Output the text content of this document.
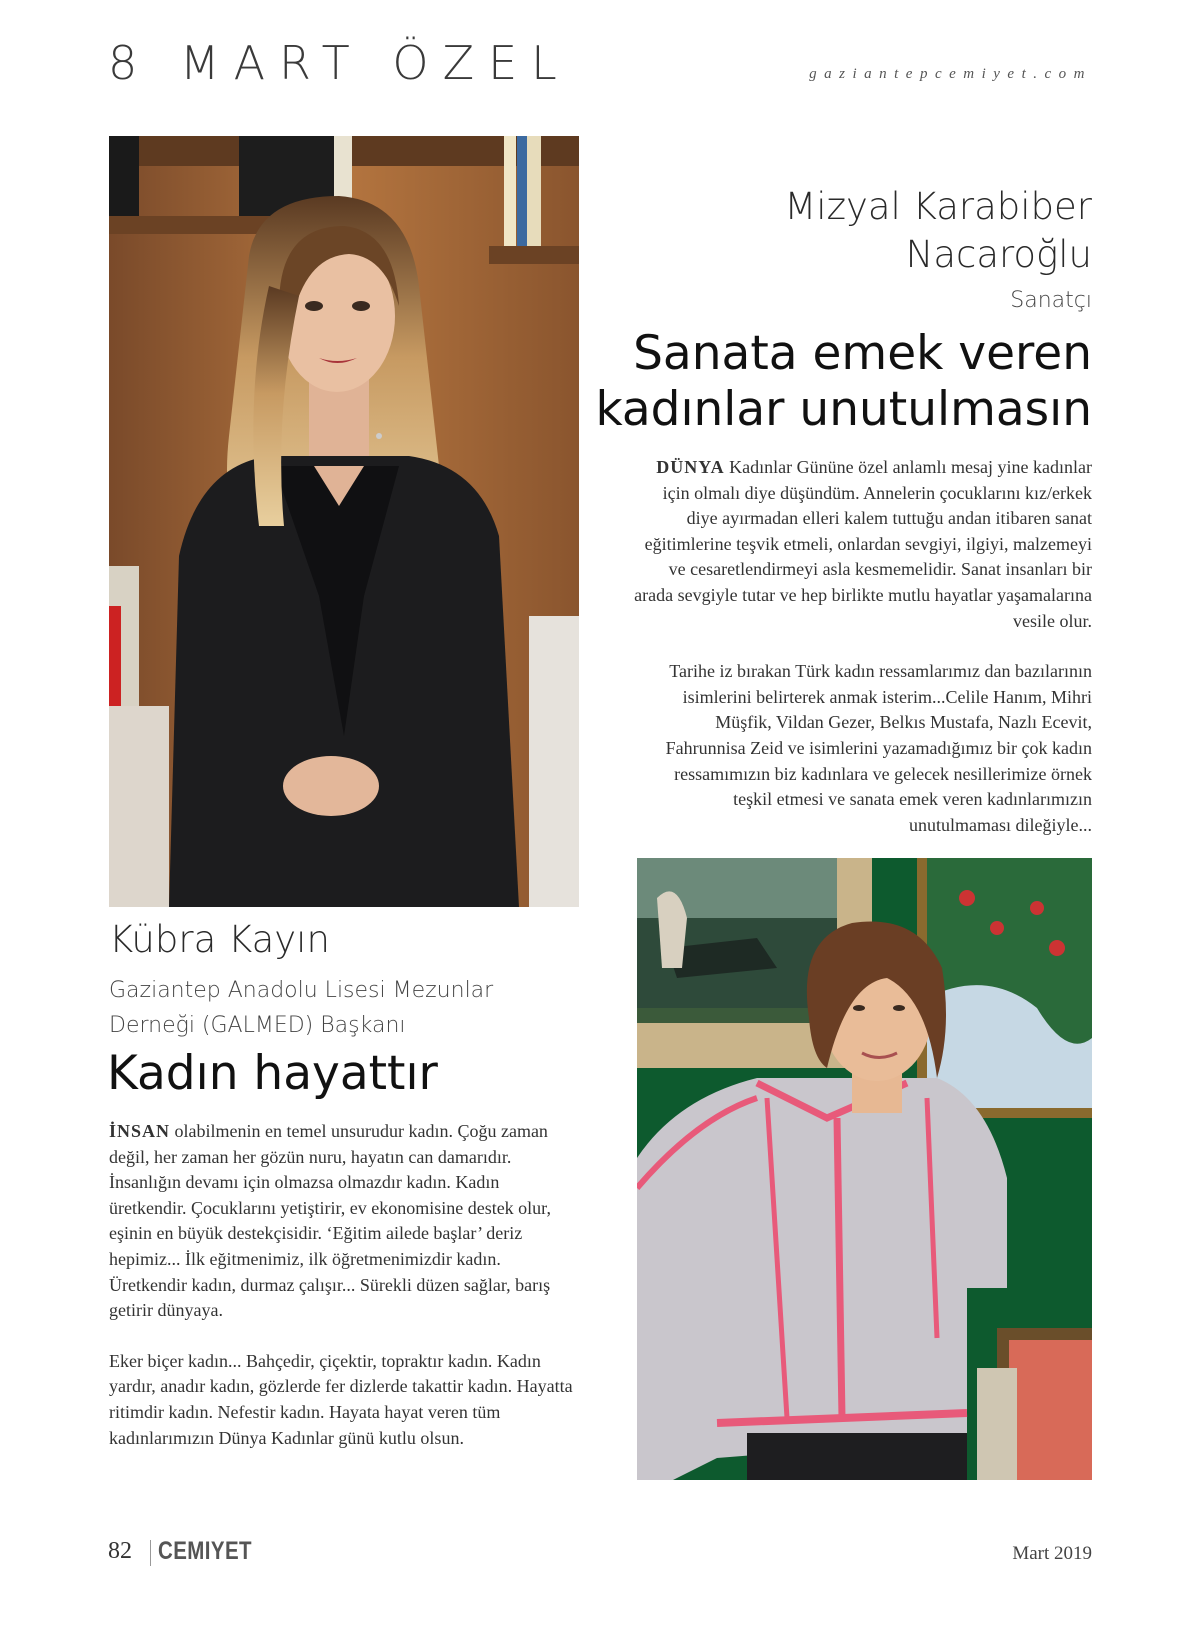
8 MART ÖZEL	gaziantepcemiyet.com
Mizyal Karabiber
Nacaroğlu
Sanatçı
Sanata emek veren
kadınlar unutulmasın

DÜNYA Kadınlar Gününe özel anlamlı mesaj yine kadınlar için olmalı diye düşündüm. Annelerin çocuklarını kız/erkek diye ayırmadan elleri kalem tuttuğu andan itibaren sanat eğitimlerine teşvik etmeli, onlardan sevgiyi, ilgiyi, malzemeyi ve cesaretlendirmeyi asla kesmemelidir. Sanat insanları bir arada sevgiyle tutar ve hep birlikte mutlu hayatlar yaşamalarına vesile olur.

Tarihe iz bırakan Türk kadın ressamlarımız dan bazılarının isimlerini belirterek anmak isterim...Celile Hanım, Mihri Müşfik, Vildan Gezer, Belkıs Mustafa, Nazlı Ecevit, Fahrunnisa Zeid ve isimlerini yazamadığımız bir çok kadın ressamımızın biz kadınlara ve gelecek nesillerimize örnek teşkil etmesi ve sanata emek veren kadınlarımızın unutulmaması dileğiyle...

Kübra Kayın
Gaziantep Anadolu Lisesi Mezunlar Derneği (GALMED) Başkanı
Kadın hayattır

İNSAN olabilmenin en temel unsurudur kadın. Çoğu zaman değil, her zaman her gözün nuru, hayatın can damarıdır. İnsanlığın devamı için olmazsa olmazdır kadın. Kadın üretkendir. Çocuklarını yetiştirir, ev ekonomisine destek olur, eşinin en büyük destekçisidir. ‘Eğitim ailede başlar’ deriz hepimiz... İlk eğitmenimiz, ilk öğretmenimizdir kadın. Üretkendir kadın, durmaz çalışır... Sürekli düzen sağlar, barış getirir dünyaya.

Eker biçer kadın... Bahçedir, çiçektir, topraktır kadın. Kadın yardır, anadır kadın, gözlerde fer dizlerde takattir kadın. Hayatta ritimdir kadın. Nefestir kadın. Hayata hayat veren tüm kadınlarımızın Dünya Kadınlar günü kutlu olsun.

82 CEMIYET	Mart 2019
